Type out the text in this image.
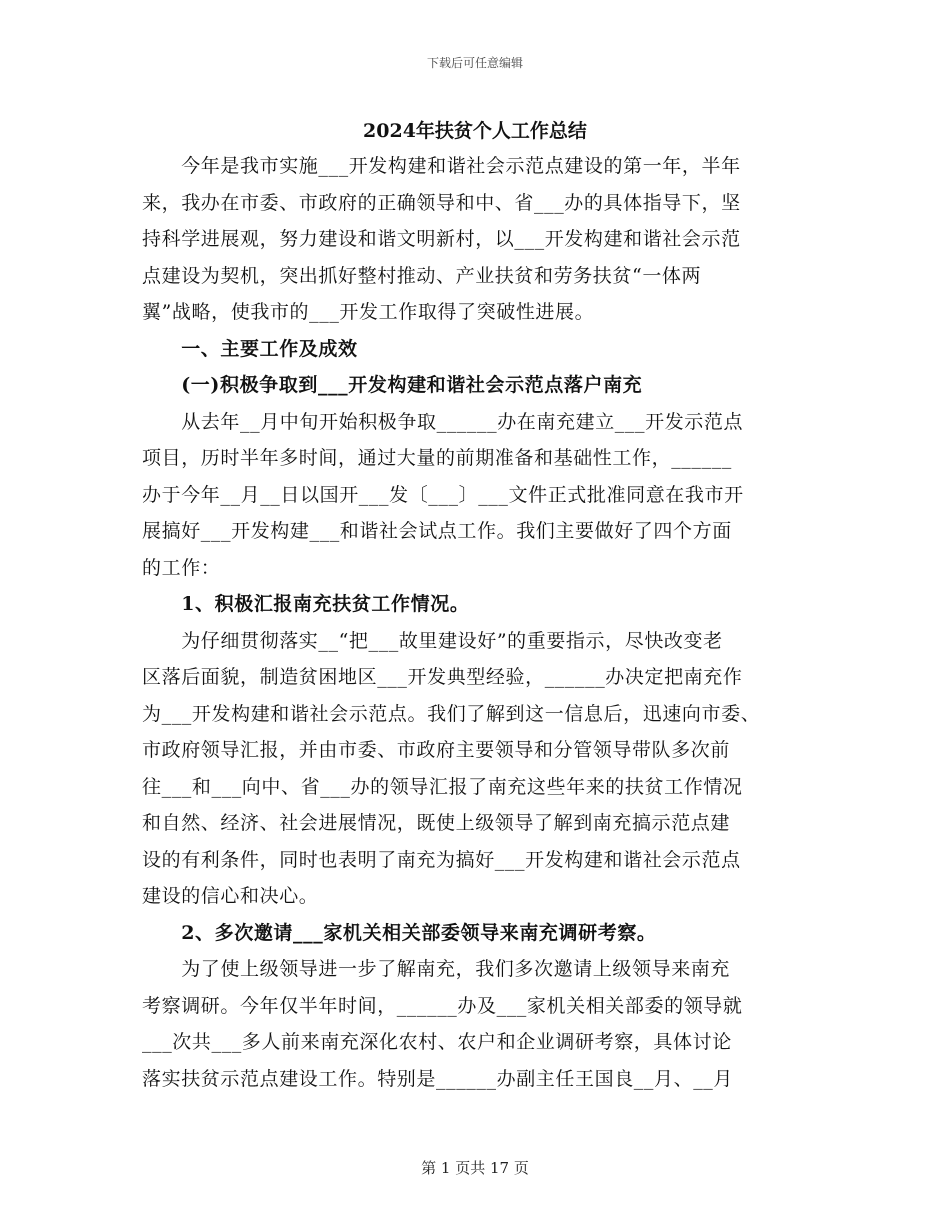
下载后可任意编辑
2024年扶贫个人工作总结
　　今年是我市实施___开发构建和谐社会示范点建设的第一年，半年
来，我办在市委、市政府的正确领导和中、省___办的具体指导下，坚
持科学进展观，努力建设和谐文明新村，以___开发构建和谐社会示范
点建设为契机，突出抓好整村推动、产业扶贫和劳务扶贫“一体两
翼”战略，使我市的___开发工作取得了突破性进展。
　　一、主要工作及成效
　　(一)积极争取到___开发构建和谐社会示范点落户南充
　　从去年__月中旬开始积极争取______办在南充建立___开发示范点
项目，历时半年多时间，通过大量的前期准备和基础性工作，______
办于今年__月__日以国开___发〔___〕___文件正式批准同意在我市开
展搞好___开发构建___和谐社会试点工作。我们主要做好了四个方面
的工作：
　　1、积极汇报南充扶贫工作情况。
　　为仔细贯彻落实__“把___故里建设好”的重要指示，尽快改变老
区落后面貌，制造贫困地区___开发典型经验，______办决定把南充作
为___开发构建和谐社会示范点。我们了解到这一信息后，迅速向市委、
市政府领导汇报，并由市委、市政府主要领导和分管领导带队多次前
往___和___向中、省___办的领导汇报了南充这些年来的扶贫工作情况
和自然、经济、社会进展情况，既使上级领导了解到南充搞示范点建
设的有利条件，同时也表明了南充为搞好___开发构建和谐社会示范点
建设的信心和决心。
　　2、多次邀请___家机关相关部委领导来南充调研考察。
　　为了使上级领导进一步了解南充，我们多次邀请上级领导来南充
考察调研。今年仅半年时间，______办及___家机关相关部委的领导就
___次共___多人前来南充深化农村、农户和企业调研考察，具体讨论
落实扶贫示范点建设工作。特别是______办副主任王国良__月、__月
第 1 页共 17 页
